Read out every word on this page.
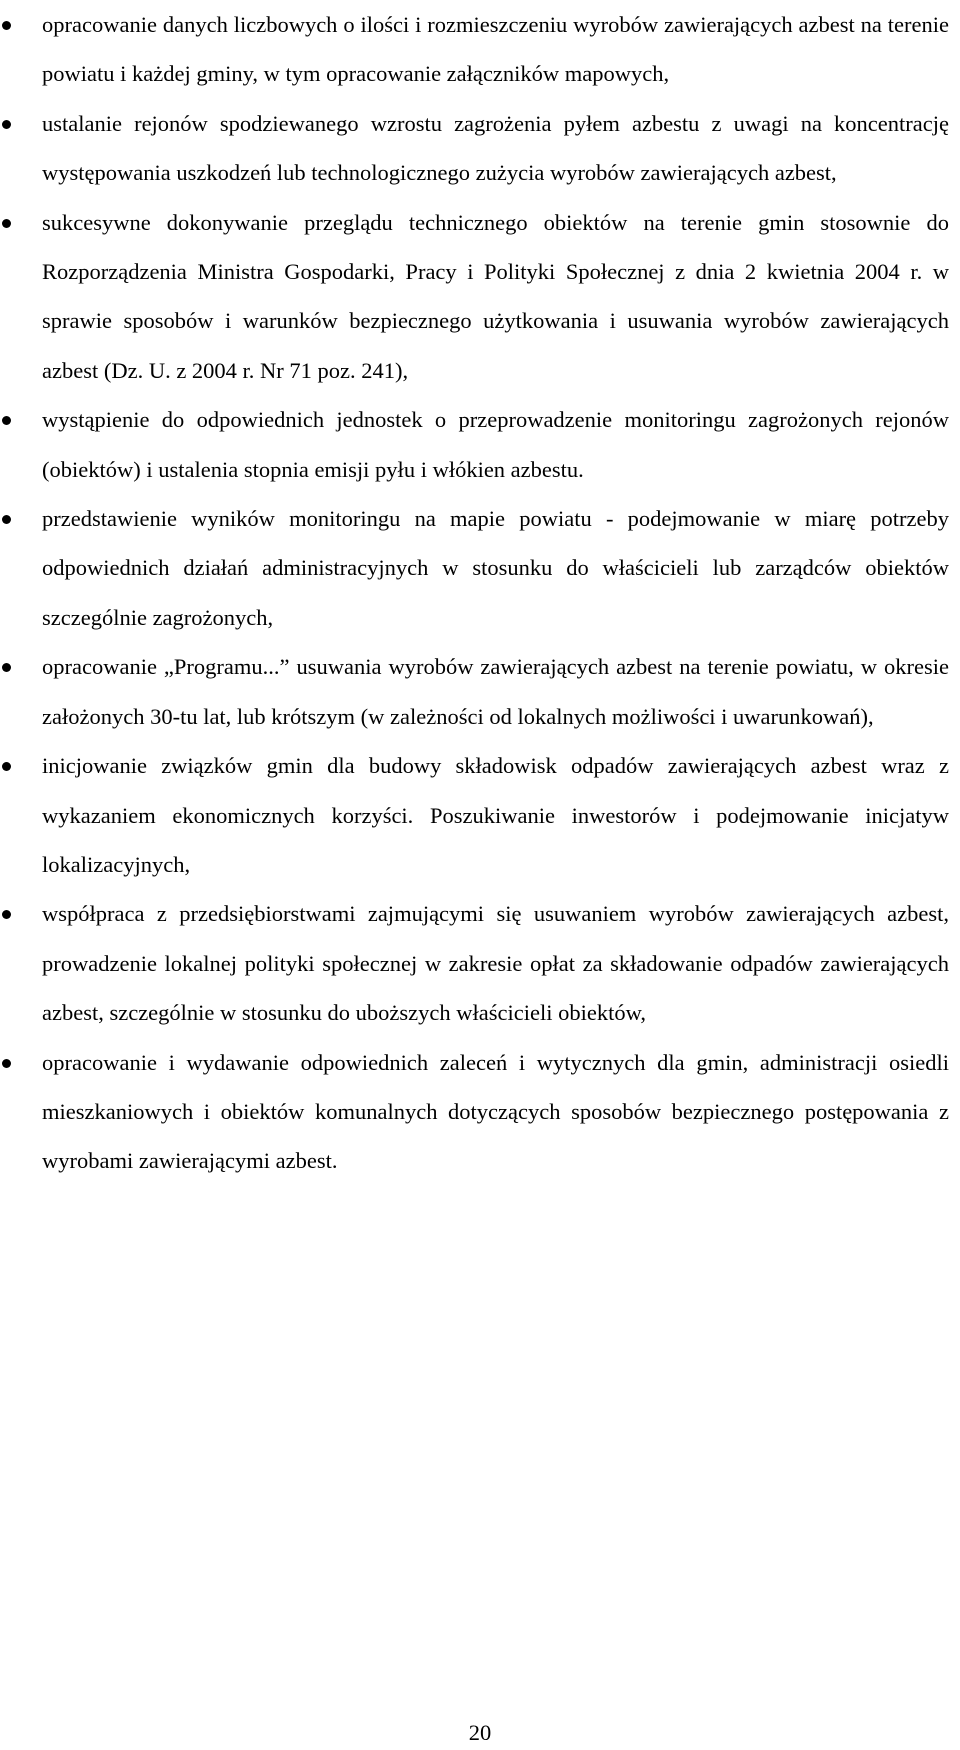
opracowanie danych liczbowych o ilości i rozmieszczeniu wyrobów zawierających azbest na terenie powiatu i każdej gminy, w tym opracowanie załączników mapowych,
ustalanie rejonów spodziewanego wzrostu zagrożenia pyłem azbestu z uwagi na koncentrację występowania uszkodzeń lub technologicznego zużycia wyrobów zawierających azbest,
sukcesywne dokonywanie przeglądu technicznego obiektów na terenie gmin stosownie do Rozporządzenia Ministra Gospodarki, Pracy i Polityki Społecznej z dnia 2 kwietnia 2004 r. w sprawie sposobów i warunków bezpiecznego użytkowania i usuwania wyrobów zawierających azbest (Dz. U. z 2004 r. Nr 71 poz. 241),
wystąpienie do odpowiednich jednostek o przeprowadzenie monitoringu zagrożonych rejonów (obiektów) i ustalenia stopnia emisji pyłu i włókien azbestu.
przedstawienie wyników monitoringu na mapie powiatu - podejmowanie w miarę potrzeby odpowiednich działań administracyjnych w stosunku do właścicieli lub zarządców obiektów szczególnie zagrożonych,
opracowanie „Programu...” usuwania wyrobów zawierających azbest na terenie powiatu, w okresie założonych 30-tu lat, lub krótszym (w zależności od lokalnych możliwości i uwarunkowań),
inicjowanie związków gmin dla budowy składowisk odpadów zawierających azbest wraz z wykazaniem ekonomicznych korzyści. Poszukiwanie inwestorów i podejmowanie inicjatyw lokalizacyjnych,
współpraca z przedsiębiorstwami zajmującymi się usuwaniem wyrobów zawierających azbest, prowadzenie lokalnej polityki społecznej w zakresie opłat za składowanie odpadów zawierających azbest, szczególnie w stosunku do uboższych właścicieli obiektów,
opracowanie i wydawanie odpowiednich zaleceń i wytycznych dla gmin, administracji osiedli mieszkaniowych i obiektów komunalnych dotyczących sposobów bezpiecznego postępowania z wyrobami zawierającymi azbest.
20
